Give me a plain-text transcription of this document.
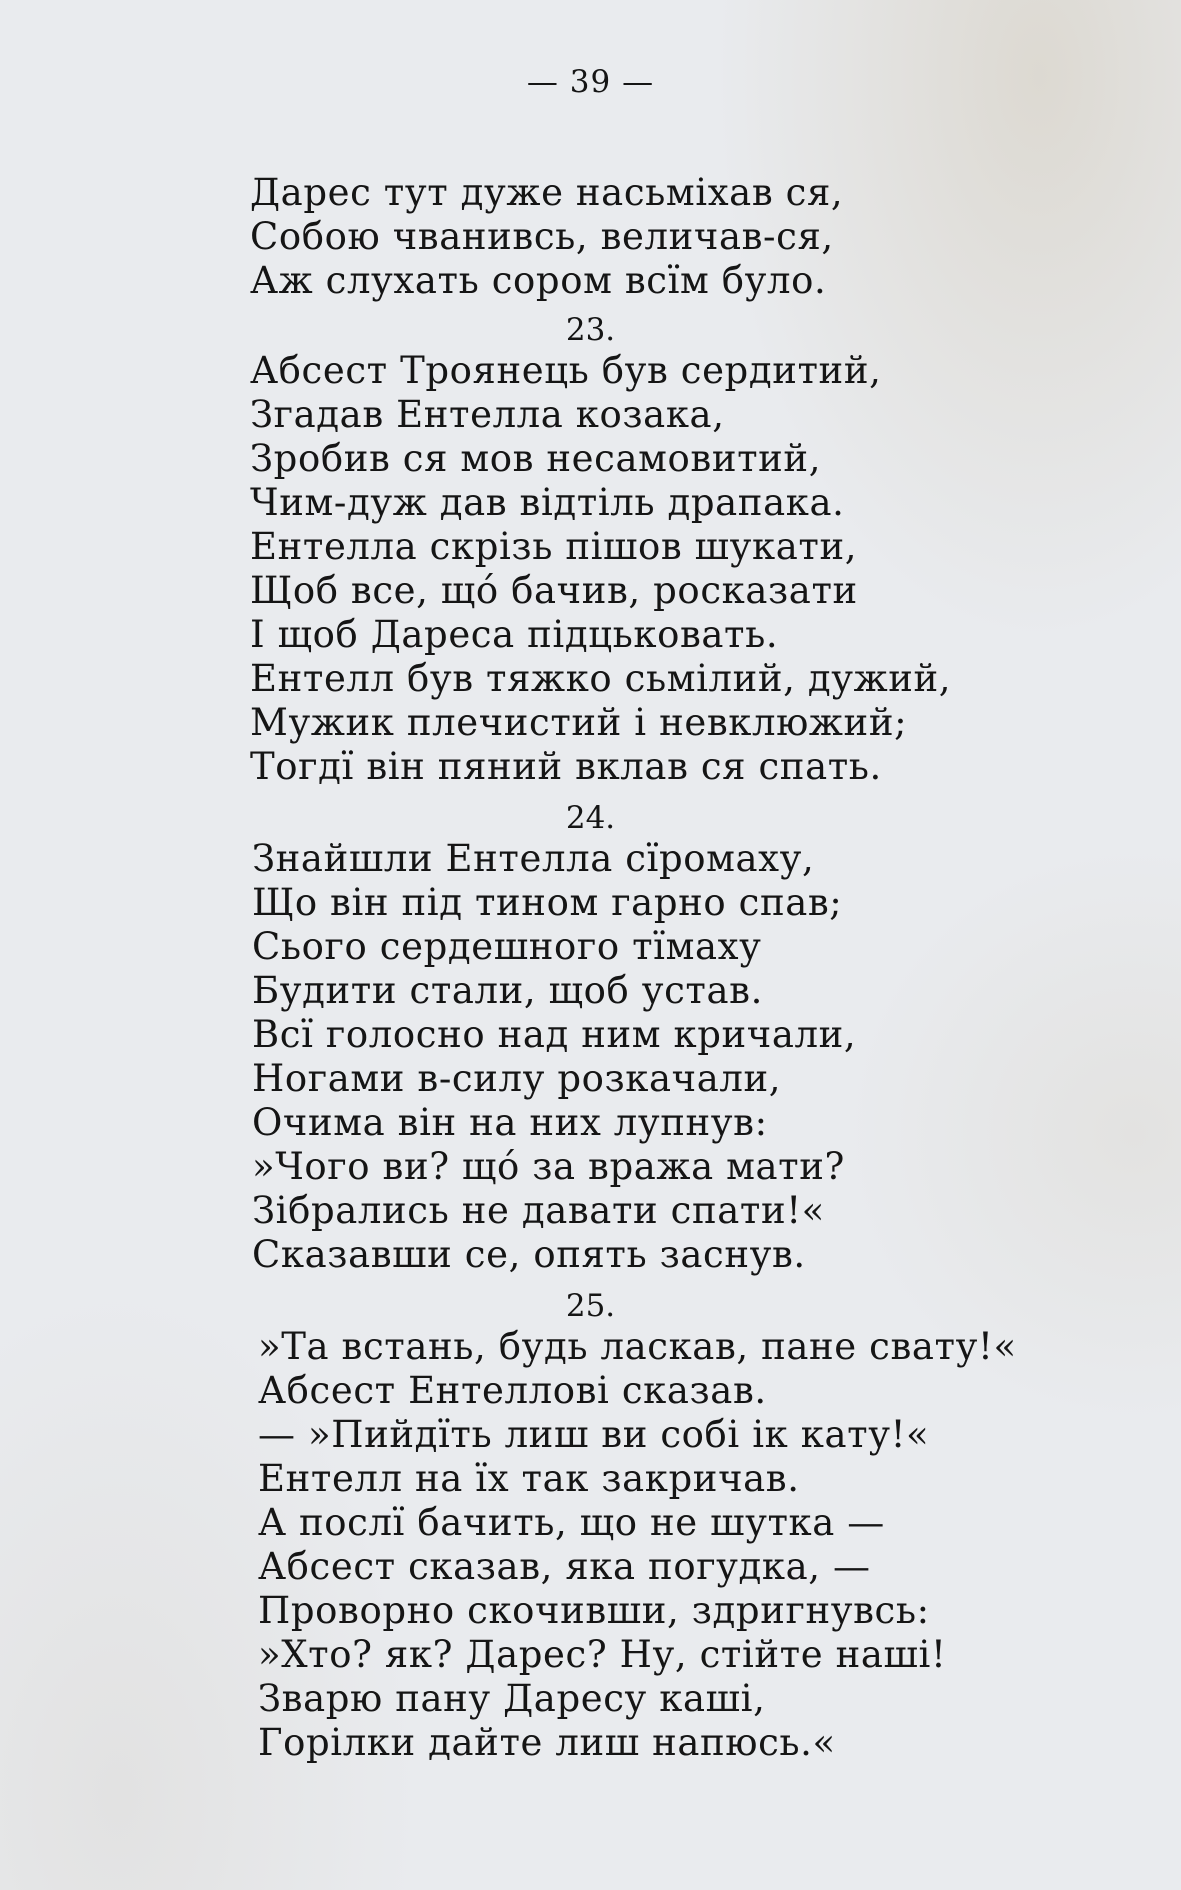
— 39 —
Дарес тут дуже насьміхав ся,
Собою чванивсь, величав-ся,
Аж слухать сором всїм було.
23.
Абсест Троянець був сердитий,
Згадав Ентелла козака,
Зробив ся мов несамовитий,
Чим-дуж дав відтіль драпака.
Ентелла скрізь пішов шукати,
Щоб все, щó бачив, росказати
І щоб Дареса підцьковать.
Ентелл був тяжко сьмілий, дужий,
Мужик плечистий і невклюжий;
Тогдї він пяний вклав ся спать.
24.
Знайшли Ентелла сїромаху,
Що він під тином гарно спав;
Сього сердешного тїмаху
Будити стали, щоб устав.
Всї голосно над ним кричали,
Ногами в-силу розкачали,
Очима він на них лупнув:
»Чого ви? щó за вража мати?
Зібрались не давати спати!«
Сказавши се, опять заснув.
25.
»Та встань, будь ласкав, пане свату!«
Абсест Ентеллові сказав.
— »Пийдїть лиш ви собі ік кату!«
Ентелл на їх так закричав.
А послї бачить, що не шутка —
Абсест сказав, яка погудка, —
Проворно скочивши, здригнувсь:
»Хто? як? Дарес? Ну, стійте наші!
Зварю пану Даресу каші,
Горілки дайте лиш напюсь.«
